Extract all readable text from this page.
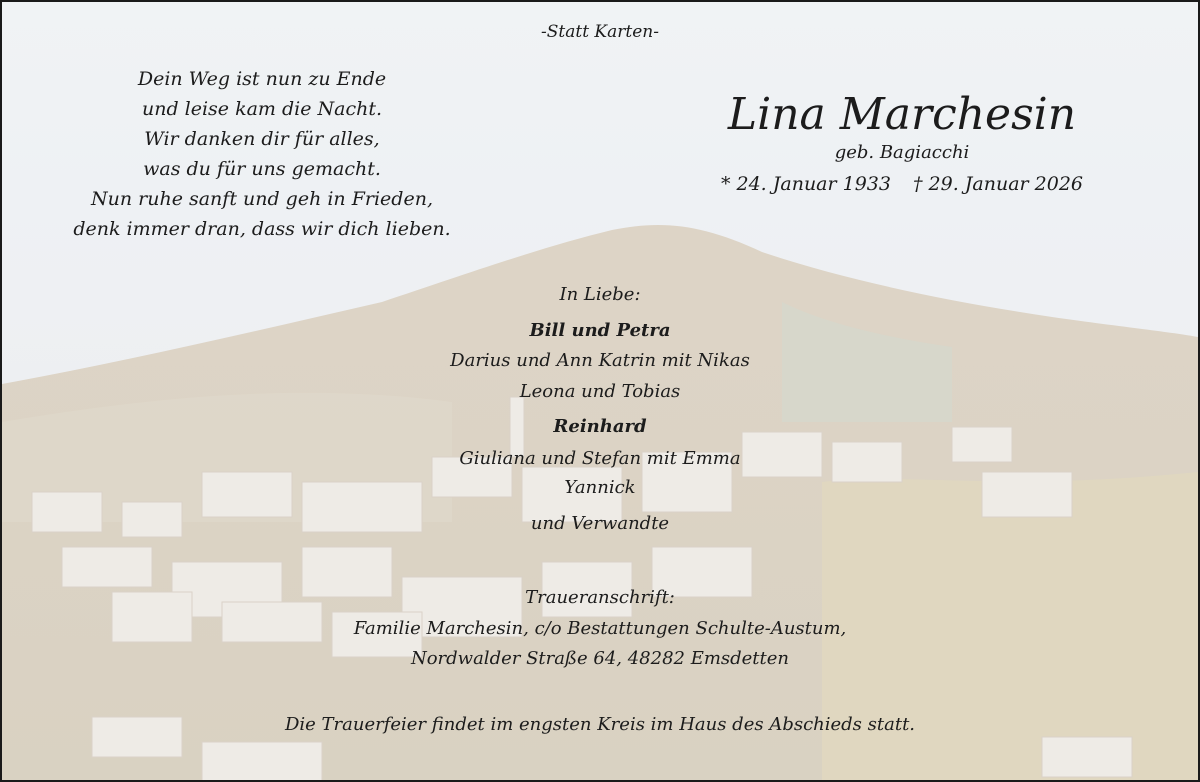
-Statt Karten-
Dein Weg ist nun zu Ende
und leise kam die Nacht.
Wir danken dir für alles,
was du für uns gemacht.
Nun ruhe sanft und geh in Frieden,
denk immer dran, dass wir dich lieben.
Lina Marchesin
geb. Bagiacchi
* 24. Januar 1933 † 29. Januar 2026
In Liebe:
Bill und Petra
Darius und Ann Katrin mit Nikas
Leona und Tobias
Reinhard
Giuliana und Stefan mit Emma
Yannick
und Verwandte
Traueranschrift:
Familie Marchesin, c/o Bestattungen Schulte-Austum,
Nordwalder Straße 64, 48282 Emsdetten
Die Trauerfeier findet im engsten Kreis im Haus des Abschieds statt.
